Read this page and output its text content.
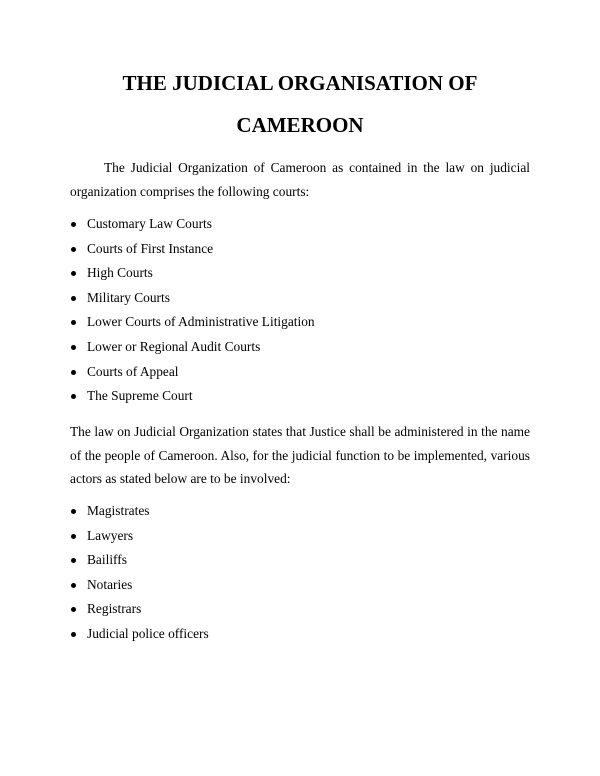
THE JUDICIAL ORGANISATION OF
CAMEROON

The Judicial Organization of Cameroon as contained in the law on judicial organization comprises the following courts:

Customary Law Courts
Courts of First Instance
High Courts
Military Courts
Lower Courts of Administrative Litigation
Lower or Regional Audit Courts
Courts of Appeal
The Supreme Court

The law on Judicial Organization states that Justice shall be administered in the name of the people of Cameroon. Also, for the judicial function to be implemented, various actors as stated below are to be involved:

Magistrates
Lawyers
Bailiffs
Notaries
Registrars
Judicial police officers
